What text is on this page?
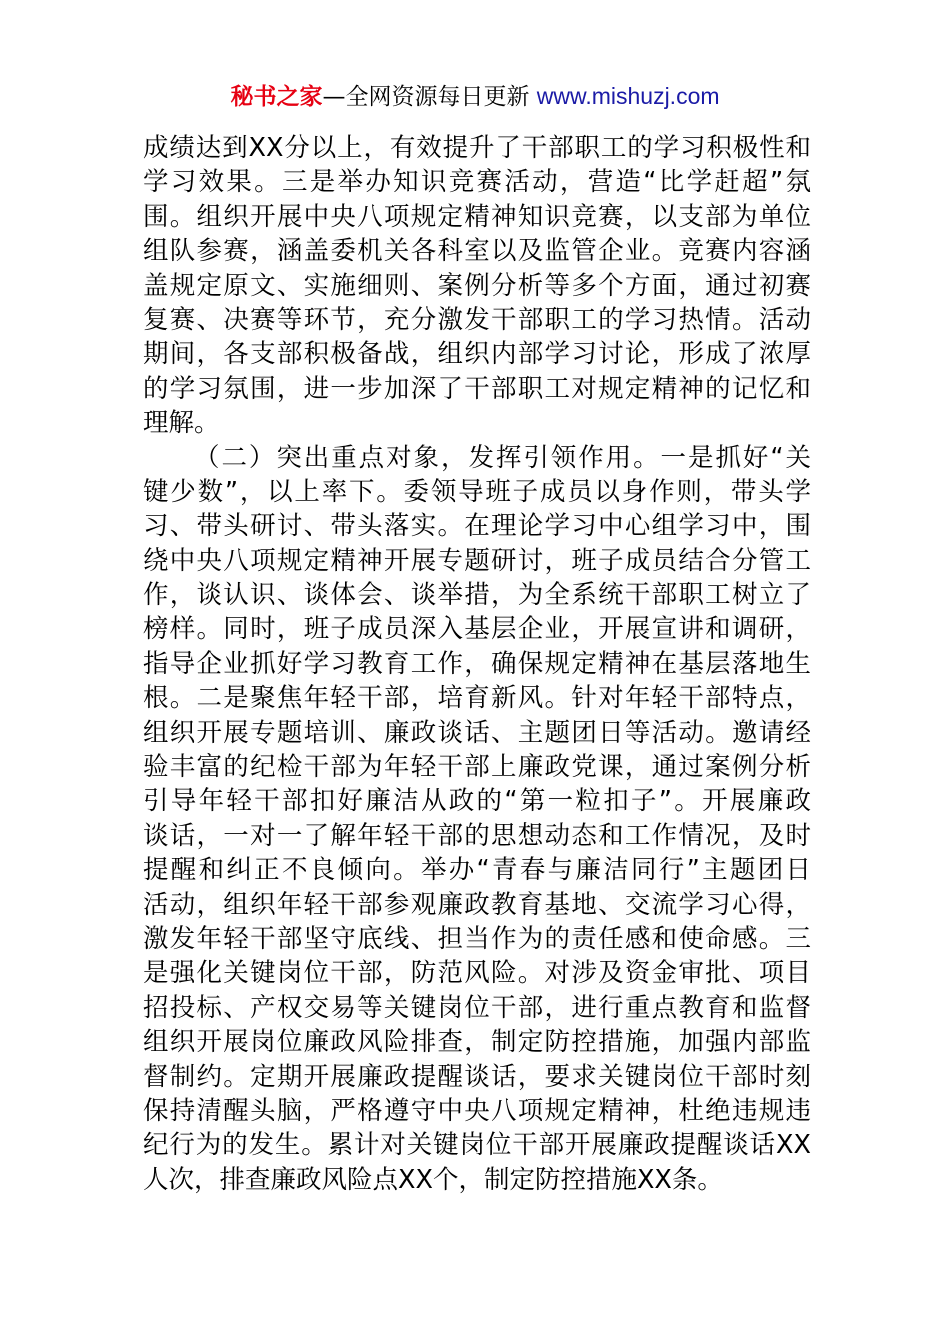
秘书之家—全网资源每日更新 www.mishuzj.com
成绩达到XX分以上，有效提升了干部职工的学习积极性和
学习效果。三是举办知识竞赛活动，营造“比学赶超”氛
围。组织开展中央八项规定精神知识竞赛，以支部为单位
组队参赛，涵盖委机关各科室以及监管企业。竞赛内容涵
盖规定原文、实施细则、案例分析等多个方面，通过初赛
复赛、决赛等环节，充分激发干部职工的学习热情。活动
期间，各支部积极备战，组织内部学习讨论，形成了浓厚
的学习氛围，进一步加深了干部职工对规定精神的记忆和
理解。
（二）突出重点对象，发挥引领作用。一是抓好“关
键少数”，以上率下。委领导班子成员以身作则，带头学
习、带头研讨、带头落实。在理论学习中心组学习中，围
绕中央八项规定精神开展专题研讨，班子成员结合分管工
作，谈认识、谈体会、谈举措，为全系统干部职工树立了
榜样。同时，班子成员深入基层企业，开展宣讲和调研，
指导企业抓好学习教育工作，确保规定精神在基层落地生
根。二是聚焦年轻干部，培育新风。针对年轻干部特点，
组织开展专题培训、廉政谈话、主题团日等活动。邀请经
验丰富的纪检干部为年轻干部上廉政党课，通过案例分析
引导年轻干部扣好廉洁从政的“第一粒扣子”。开展廉政
谈话，一对一了解年轻干部的思想动态和工作情况，及时
提醒和纠正不良倾向。举办“青春与廉洁同行”主题团日
活动，组织年轻干部参观廉政教育基地、交流学习心得，
激发年轻干部坚守底线、担当作为的责任感和使命感。三
是强化关键岗位干部，防范风险。对涉及资金审批、项目
招投标、产权交易等关键岗位干部，进行重点教育和监督
组织开展岗位廉政风险排查，制定防控措施，加强内部监
督制约。定期开展廉政提醒谈话，要求关键岗位干部时刻
保持清醒头脑，严格遵守中央八项规定精神，杜绝违规违
纪行为的发生。累计对关键岗位干部开展廉政提醒谈话XX
人次，排查廉政风险点XX个，制定防控措施XX条。
